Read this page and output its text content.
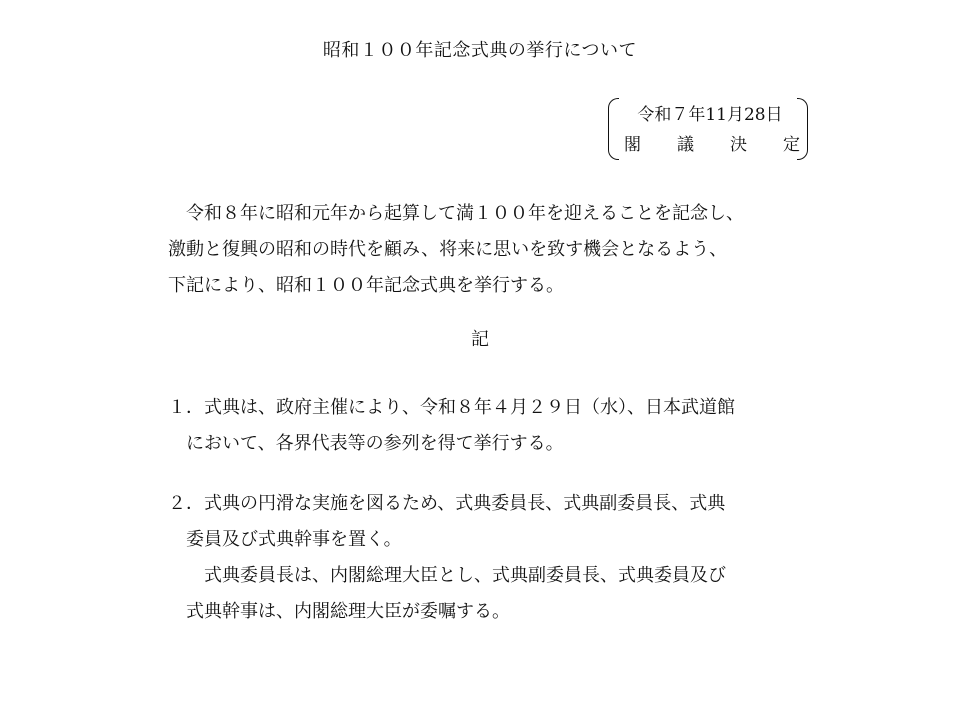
昭和１００年記念式典の挙行について
令和７年11月28日
閣 議 決 定
令和８年に昭和元年から起算して満１００年を迎えることを記念し、
激動と復興の昭和の時代を顧み、将来に思いを致す機会となるよう、
下記により、昭和１００年記念式典を挙行する。
記
１．式典は、政府主催により、令和８年４月２９日（水）、日本武道館
において、各界代表等の参列を得て挙行する。
２．式典の円滑な実施を図るため、式典委員長、式典副委員長、式典
委員及び式典幹事を置く。
式典委員長は、内閣総理大臣とし、式典副委員長、式典委員及び
式典幹事は、内閣総理大臣が委嘱する。
